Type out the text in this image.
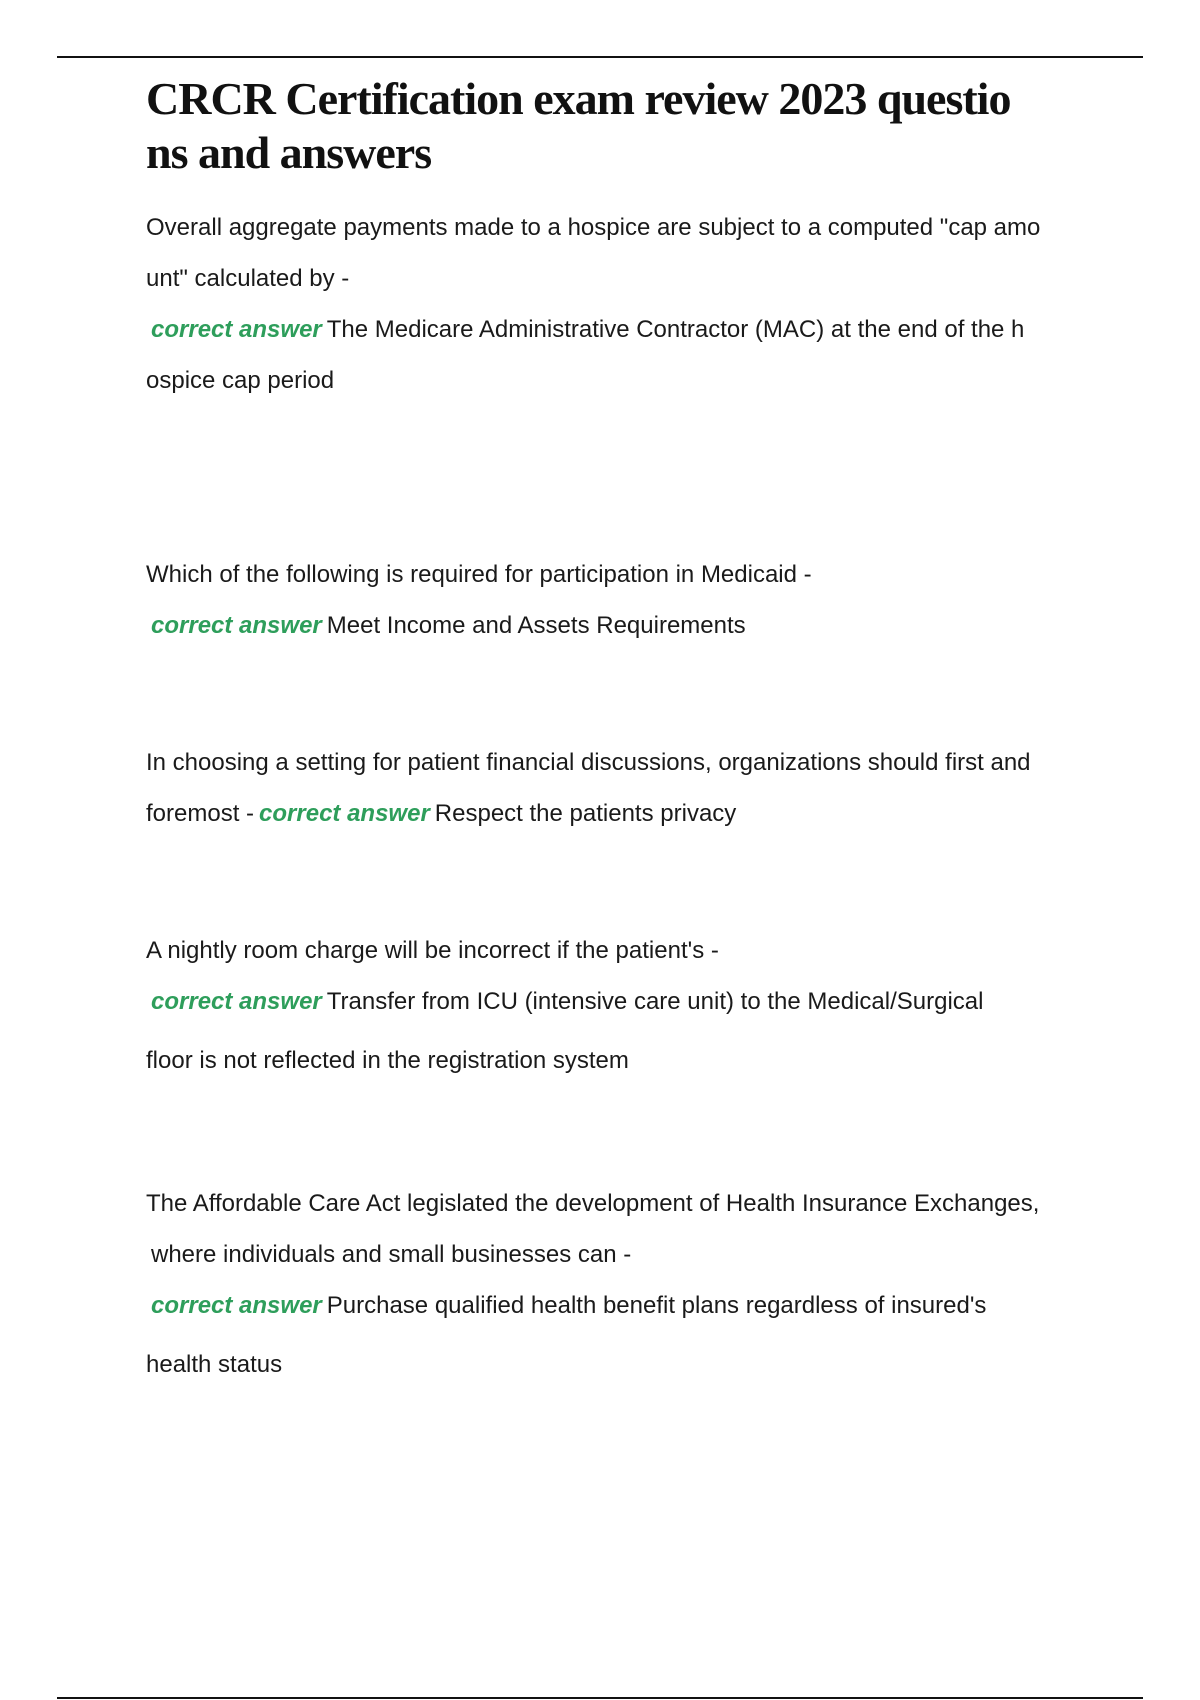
CRCR Certification exam review 2023 questio
ns and answers

Overall aggregate payments made to a hospice are subject to a computed "cap amo

unt" calculated by -

correct answer The Medicare Administrative Contractor (MAC) at the end of the h

ospice cap period

Which of the following is required for participation in Medicaid -

correct answer Meet Income and Assets Requirements

In choosing a setting for patient financial discussions, organizations should first and

foremost - correct answer Respect the patients privacy

A nightly room charge will be incorrect if the patient's -

correct answer Transfer from ICU (intensive care unit) to the Medical/Surgical

floor is not reflected in the registration system

The Affordable Care Act legislated the development of Health Insurance Exchanges,

where individuals and small businesses can -

correct answer Purchase qualified health benefit plans regardless of insured's

health status
